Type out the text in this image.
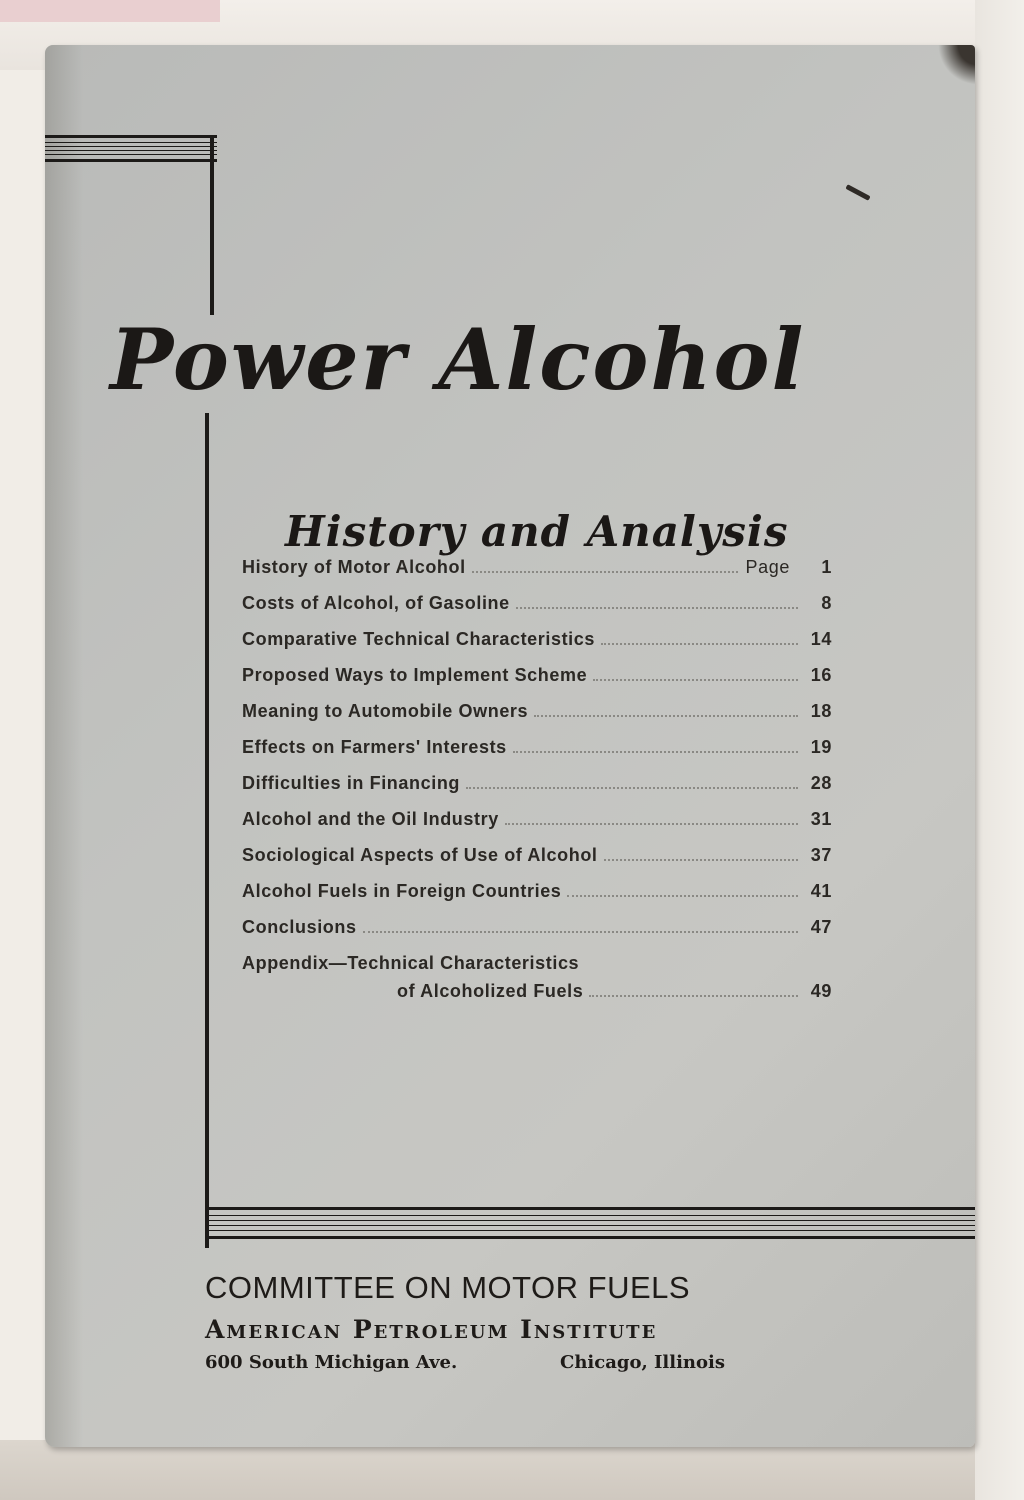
Power Alcohol
History and Analysis
History of Motor Alcohol	Page	1
Costs of Alcohol, of Gasoline	8
Comparative Technical Characteristics	14
Proposed Ways to Implement Scheme	16
Meaning to Automobile Owners	18
Effects on Farmers' Interests	19
Difficulties in Financing	28
Alcohol and the Oil Industry	31
Sociological Aspects of Use of Alcohol	37
Alcohol Fuels in Foreign Countries	41
Conclusions	47
Appendix—Technical Characteristics
of Alcoholized Fuels	49
COMMITTEE ON MOTOR FUELS
American Petroleum Institute
600 South Michigan Ave.	Chicago, Illinois
